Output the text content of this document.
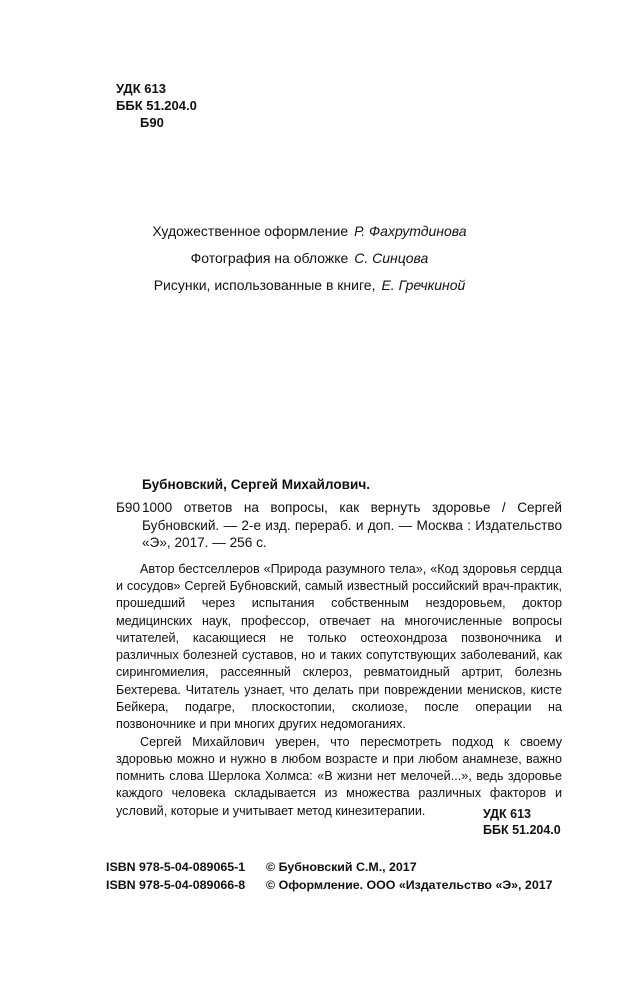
УДК 613
ББК 51.204.0
Б90
Художественное оформление Р. Фахрутдинова
Фотография на обложке С. Синцова
Рисунки, использованные в книге, Е. Гречкиной
Бубновский, Сергей Михайлович.
Б90 1000 ответов на вопросы, как вернуть здоровье / Сергей Бубновский. — 2-е изд. перераб. и доп. — Москва : Издательство «Э», 2017. — 256 с.

Автор бестселлеров «Природа разумного тела», «Код здоровья сердца и сосудов» Сергей Бубновский, самый известный российский врач-практик, прошедший через испытания собственным нездоровьем, доктор медицинских наук, профессор, отвечает на многочисленные вопросы читателей, касающиеся не только остеохондроза позвоночника и различных болезней суставов, но и таких сопутствующих заболеваний, как сирингомиелия, рассеянный склероз, ревматоидный артрит, болезнь Бехтерева. Читатель узнает, что делать при повреждении менисков, кисте Бейкера, подагре, плоскостопии, сколиозе, после операции на позвоночнике и при многих других недомоганиях.

Сергей Михайлович уверен, что пересмотреть подход к своему здоровью можно и нужно в любом возрасте и при любом анамнезе, важно помнить слова Шерлока Холмса: «В жизни нет мелочей...», ведь здоровье каждого человека складывается из множества различных факторов и условий, которые и учитывает метод кинезитерапии.	УДК 613
ББК 51.204.0
ISBN 978-5-04-089065-1 © Бубновский С.М., 2017
ISBN 978-5-04-089066-8 © Оформление. ООО «Издательство «Э», 2017
